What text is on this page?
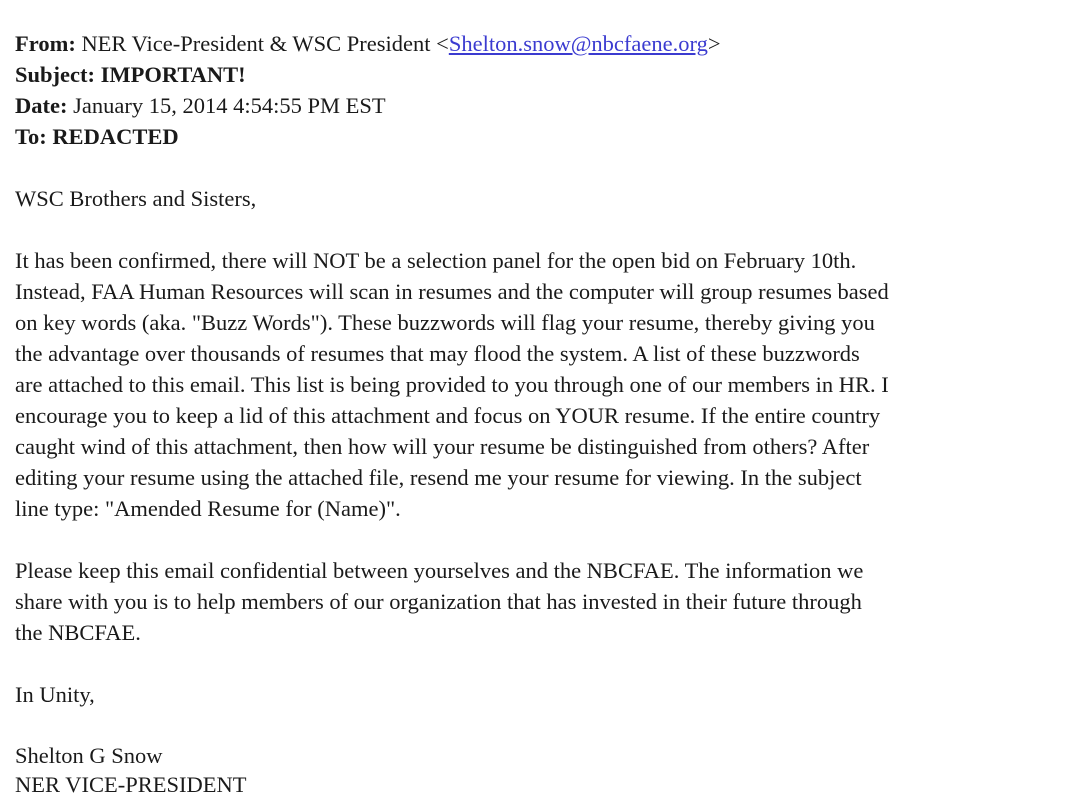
From: NER Vice-President & WSC President <Shelton.snow@nbcfaene.org>
Subject: IMPORTANT!
Date: January 15, 2014 4:54:55 PM EST
To: REDACTED
WSC Brothers and Sisters,
It has been confirmed, there will NOT be a selection panel for the open bid on February 10th.
Instead, FAA Human Resources will scan in resumes and the computer will group resumes based
on key words (aka. "Buzz Words"). These buzzwords will flag your resume, thereby giving you
the advantage over thousands of resumes that may flood the system. A list of these buzzwords
are attached to this email. This list is being provided to you through one of our members in HR. I
encourage you to keep a lid of this attachment and focus on YOUR resume. If the entire country
caught wind of this attachment, then how will your resume be distinguished from others? After
editing your resume using the attached file, resend me your resume for viewing. In the subject
line type: "Amended Resume for (Name)".
Please keep this email confidential between yourselves and the NBCFAE. The information we
share with you is to help members of our organization that has invested in their future through
the NBCFAE.
In Unity,
Shelton G Snow
NER VICE-PRESIDENT
